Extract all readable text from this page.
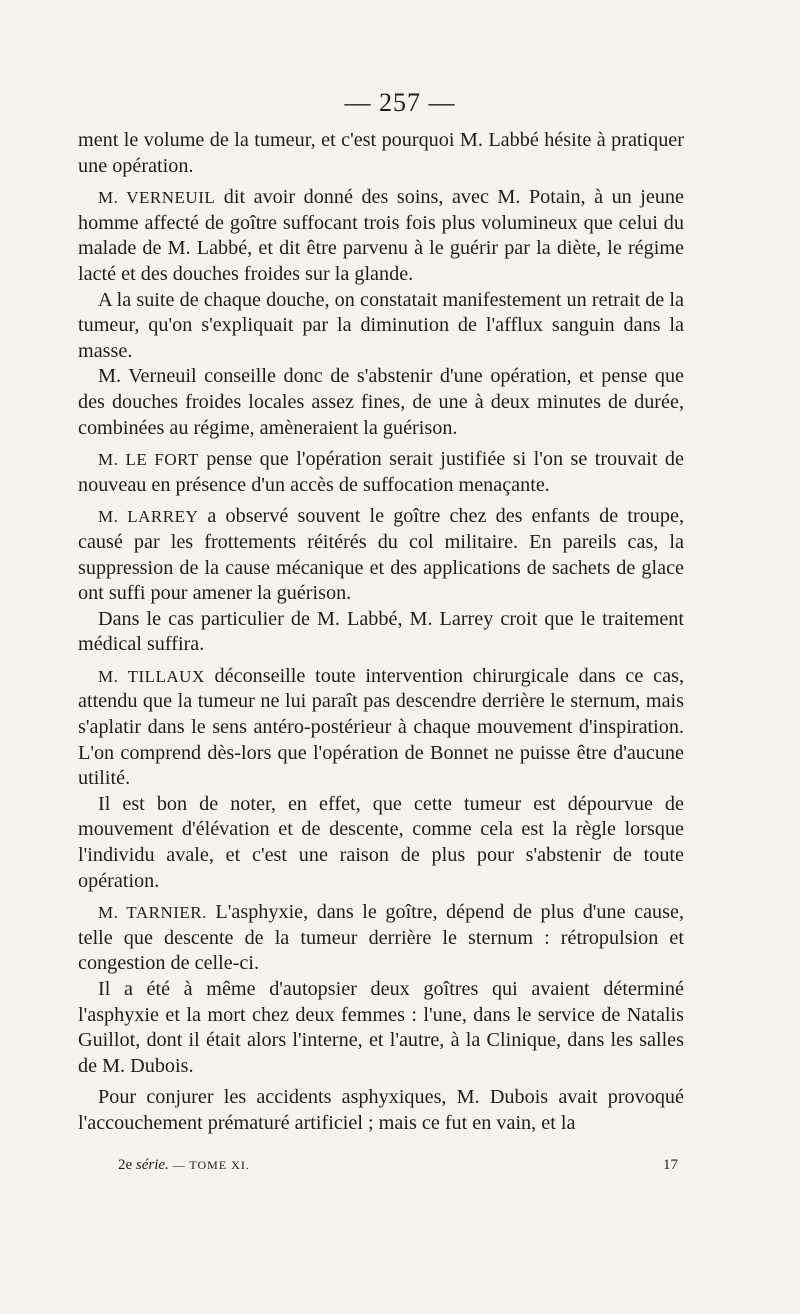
— 257 —

ment le volume de la tumeur, et c'est pourquoi M. Labbé hésite à pratiquer une opération.

M. VERNEUIL dit avoir donné des soins, avec M. Potain, à un jeune homme affecté de goître suffocant trois fois plus volumineux que celui du malade de M. Labbé, et dit être parvenu à le guérir par la diète, le régime lacté et des douches froides sur la glande.

A la suite de chaque douche, on constatait manifestement un retrait de la tumeur, qu'on s'expliquait par la diminution de l'afflux sanguin dans la masse.

M. Verneuil conseille donc de s'abstenir d'une opération, et pense que des douches froides locales assez fines, de une à deux minutes de durée, combinées au régime, amèneraient la guérison.

M. LE FORT pense que l'opération serait justifiée si l'on se trouvait de nouveau en présence d'un accès de suffocation menaçante.

M. LARREY a observé souvent le goître chez des enfants de troupe, causé par les frottements réitérés du col militaire. En pareils cas, la suppression de la cause mécanique et des applications de sachets de glace ont suffi pour amener la guérison.

Dans le cas particulier de M. Labbé, M. Larrey croit que le traitement médical suffira.

M. TILLAUX déconseille toute intervention chirurgicale dans ce cas, attendu que la tumeur ne lui paraît pas descendre derrière le sternum, mais s'aplatir dans le sens antéro-postérieur à chaque mouvement d'inspiration. L'on comprend dès-lors que l'opération de Bonnet ne puisse être d'aucune utilité.

Il est bon de noter, en effet, que cette tumeur est dépourvue de mouvement d'élévation et de descente, comme cela est la règle lorsque l'individu avale, et c'est une raison de plus pour s'abstenir de toute opération.

M. TARNIER. L'asphyxie, dans le goître, dépend de plus d'une cause, telle que descente de la tumeur derrière le sternum : rétropulsion et congestion de celle-ci.

Il a été à même d'autopsier deux goîtres qui avaient déterminé l'asphyxie et la mort chez deux femmes : l'une, dans le service de Natalis Guillot, dont il était alors l'interne, et l'autre, à la Clinique, dans les salles de M. Dubois.

Pour conjurer les accidents asphyxiques, M. Dubois avait provoqué l'accouchement prématuré artificiel ; mais ce fut en vain, et la

2e série. — TOME XI.	17
